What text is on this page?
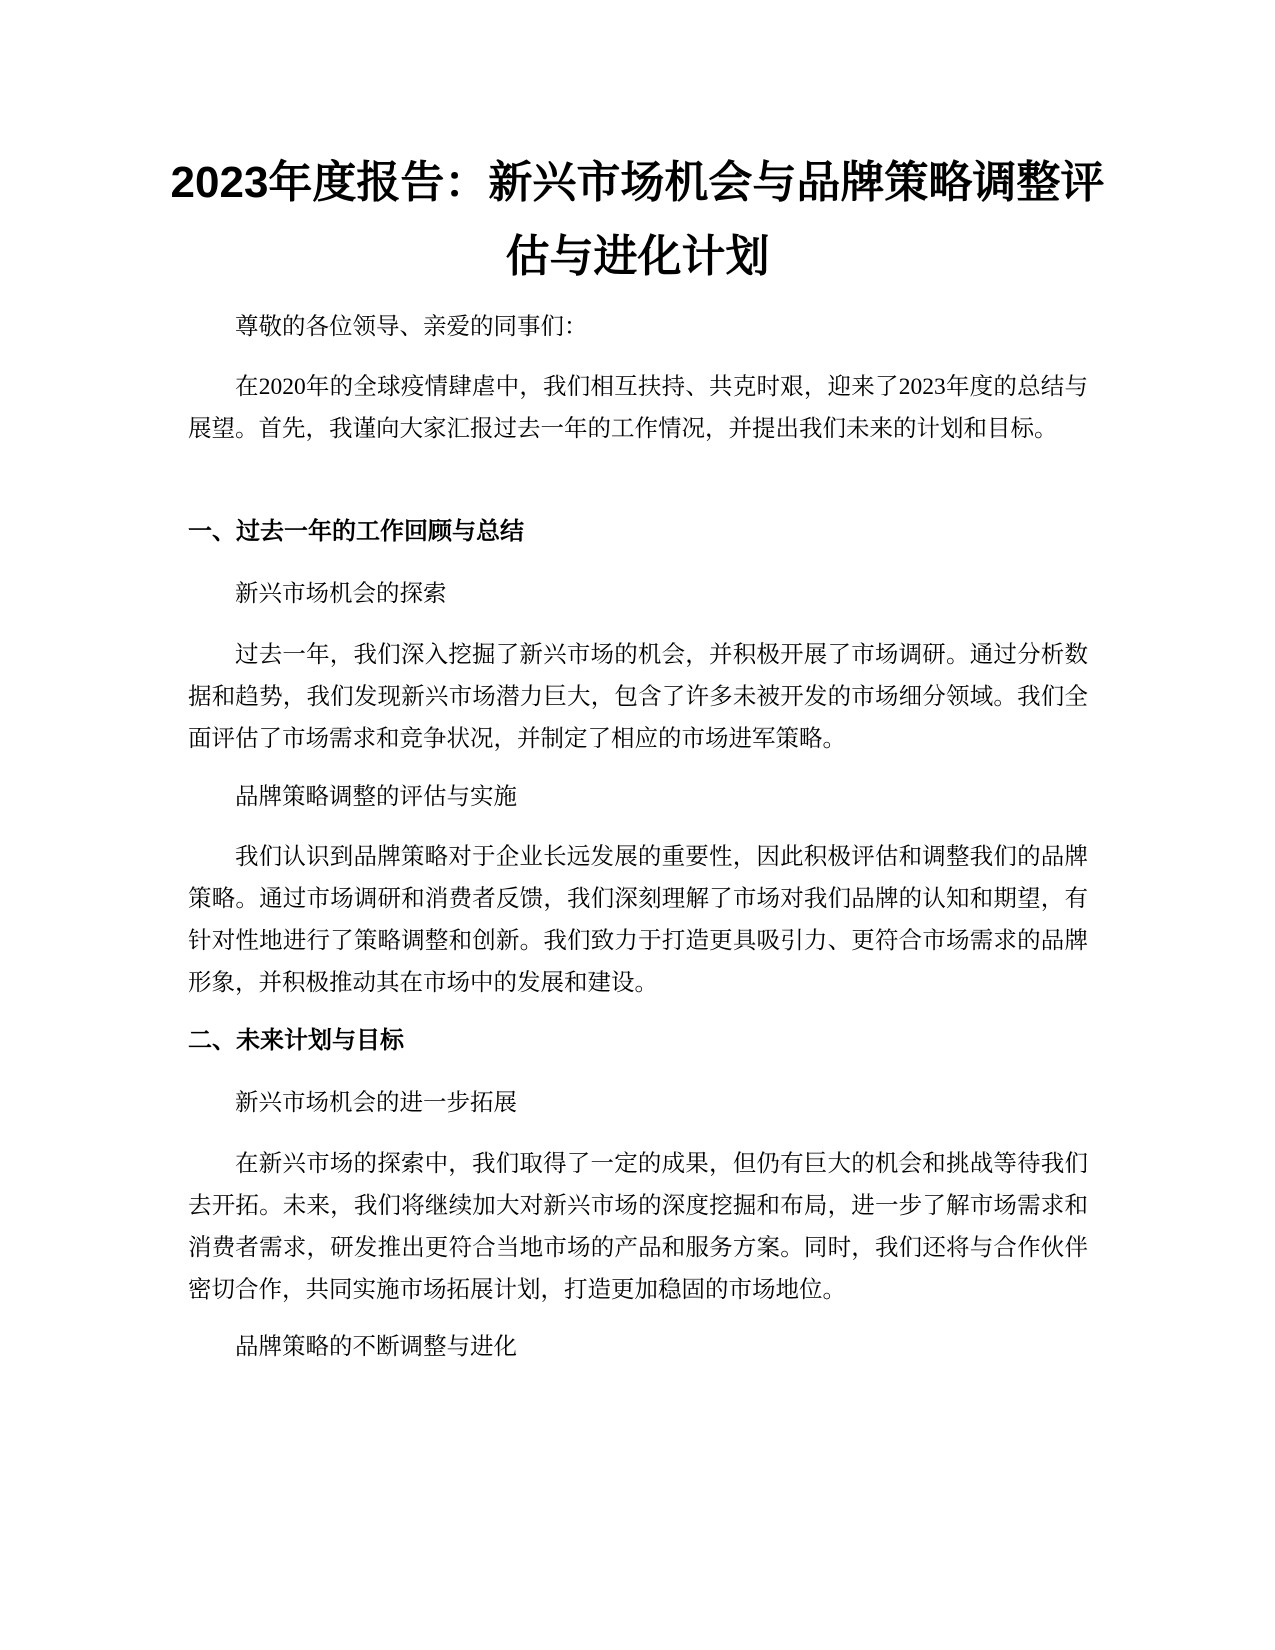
2023年度报告：新兴市场机会与品牌策略调整评估与进化计划

尊敬的各位领导、亲爱的同事们：

在2020年的全球疫情肆虐中，我们相互扶持、共克时艰，迎来了2023年度的总结与展望。首先，我谨向大家汇报过去一年的工作情况，并提出我们未来的计划和目标。

一、过去一年的工作回顾与总结

新兴市场机会的探索

过去一年，我们深入挖掘了新兴市场的机会，并积极开展了市场调研。通过分析数据和趋势，我们发现新兴市场潜力巨大，包含了许多未被开发的市场细分领域。我们全面评估了市场需求和竞争状况，并制定了相应的市场进军策略。

品牌策略调整的评估与实施

我们认识到品牌策略对于企业长远发展的重要性，因此积极评估和调整我们的品牌策略。通过市场调研和消费者反馈，我们深刻理解了市场对我们品牌的认知和期望，有针对性地进行了策略调整和创新。我们致力于打造更具吸引力、更符合市场需求的品牌形象，并积极推动其在市场中的发展和建设。

二、未来计划与目标

新兴市场机会的进一步拓展

在新兴市场的探索中，我们取得了一定的成果，但仍有巨大的机会和挑战等待我们去开拓。未来，我们将继续加大对新兴市场的深度挖掘和布局，进一步了解市场需求和消费者需求，研发推出更符合当地市场的产品和服务方案。同时，我们还将与合作伙伴密切合作，共同实施市场拓展计划，打造更加稳固的市场地位。

品牌策略的不断调整与进化
